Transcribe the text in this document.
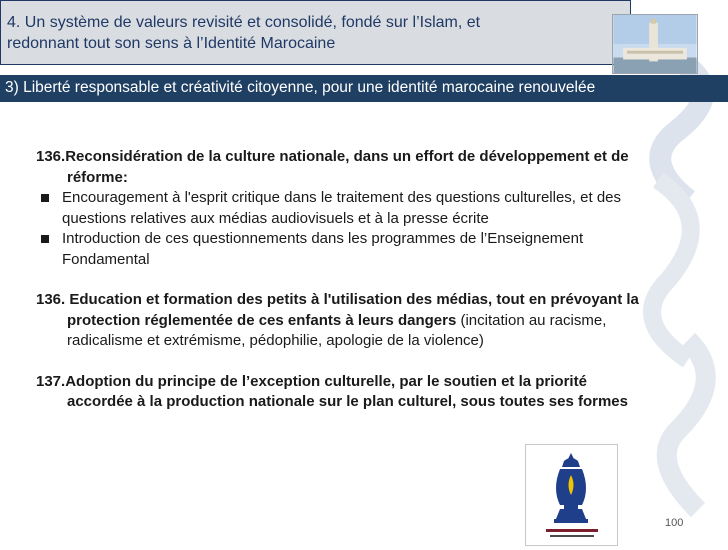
4. Un système de valeurs revisité et consolidé, fondé sur l’Islam, et
redonnant tout son sens à l’Identité Marocaine
3) Liberté responsable et créativité citoyenne, pour une identité marocaine renouvelée

136.Reconsidération de la culture nationale, dans un effort de développement et de

réforme:

Encouragement à l'esprit critique dans le traitement des questions culturelles, et des
questions relatives aux médias audiovisuels et à la presse écrite
Introduction de ces questionnements dans les programmes de l’Enseignement
Fondamental

136. Education et formation des petits à l'utilisation des médias, tout en prévoyant la

protection réglementée de ces enfants à leurs dangers (incitation au racisme,

radicalisme et extrémisme, pédophilie, apologie de la violence)

137.Adoption du principe de l’exception culturelle, par le soutien et la priorité

accordée à la production nationale sur le plan culturel, sous toutes ses formes

100
